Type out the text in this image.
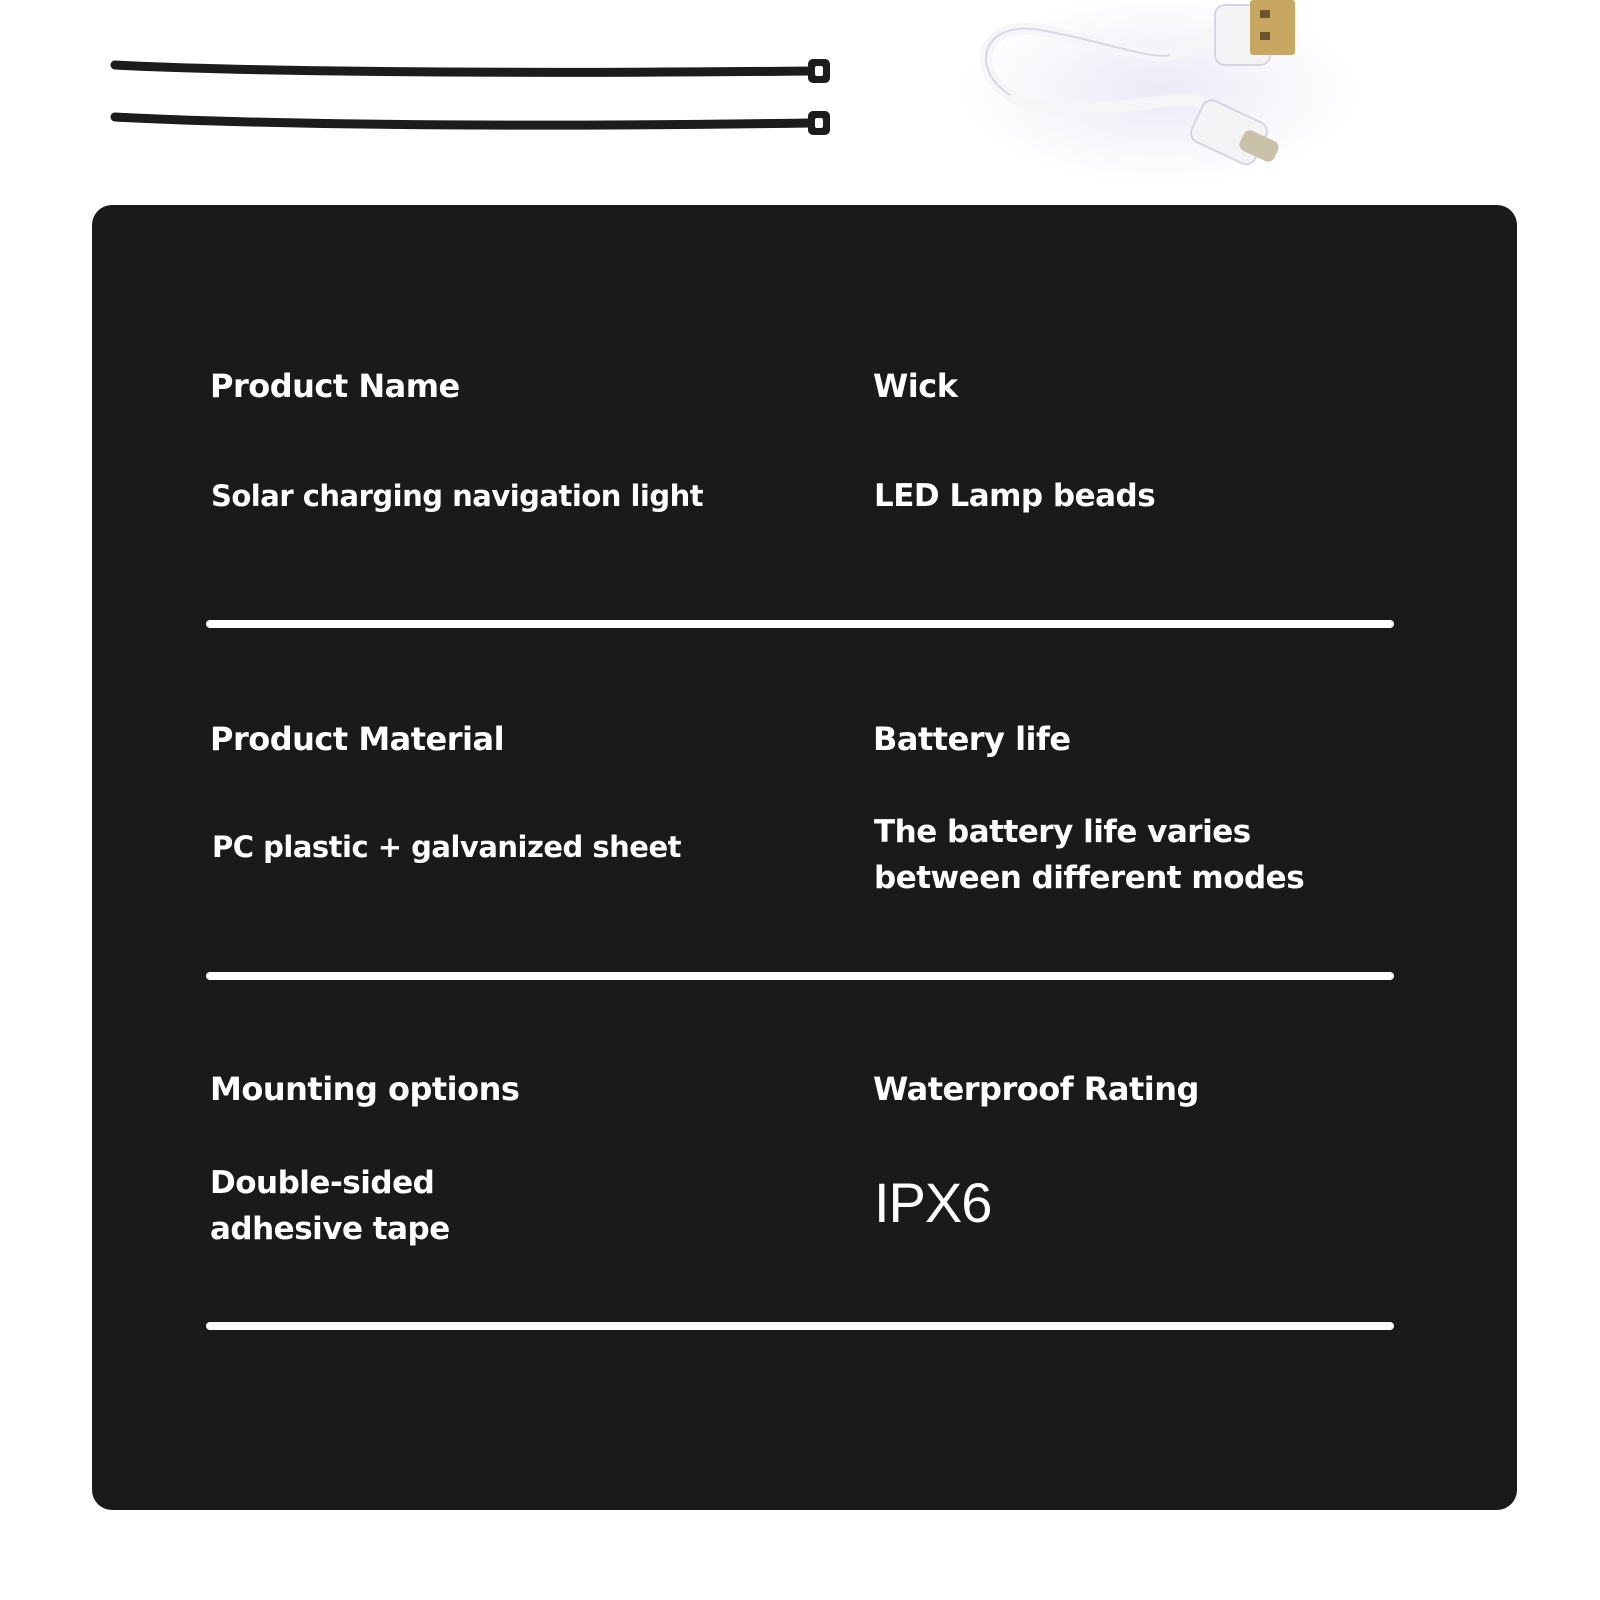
Product Name	Wick
Solar charging navigation light	LED Lamp beads
Product Material	Battery life
PC plastic + galvanized sheet	The battery life varies between different modes
Mounting options	Waterproof Rating
Double-sided adhesive tape	IPX6
